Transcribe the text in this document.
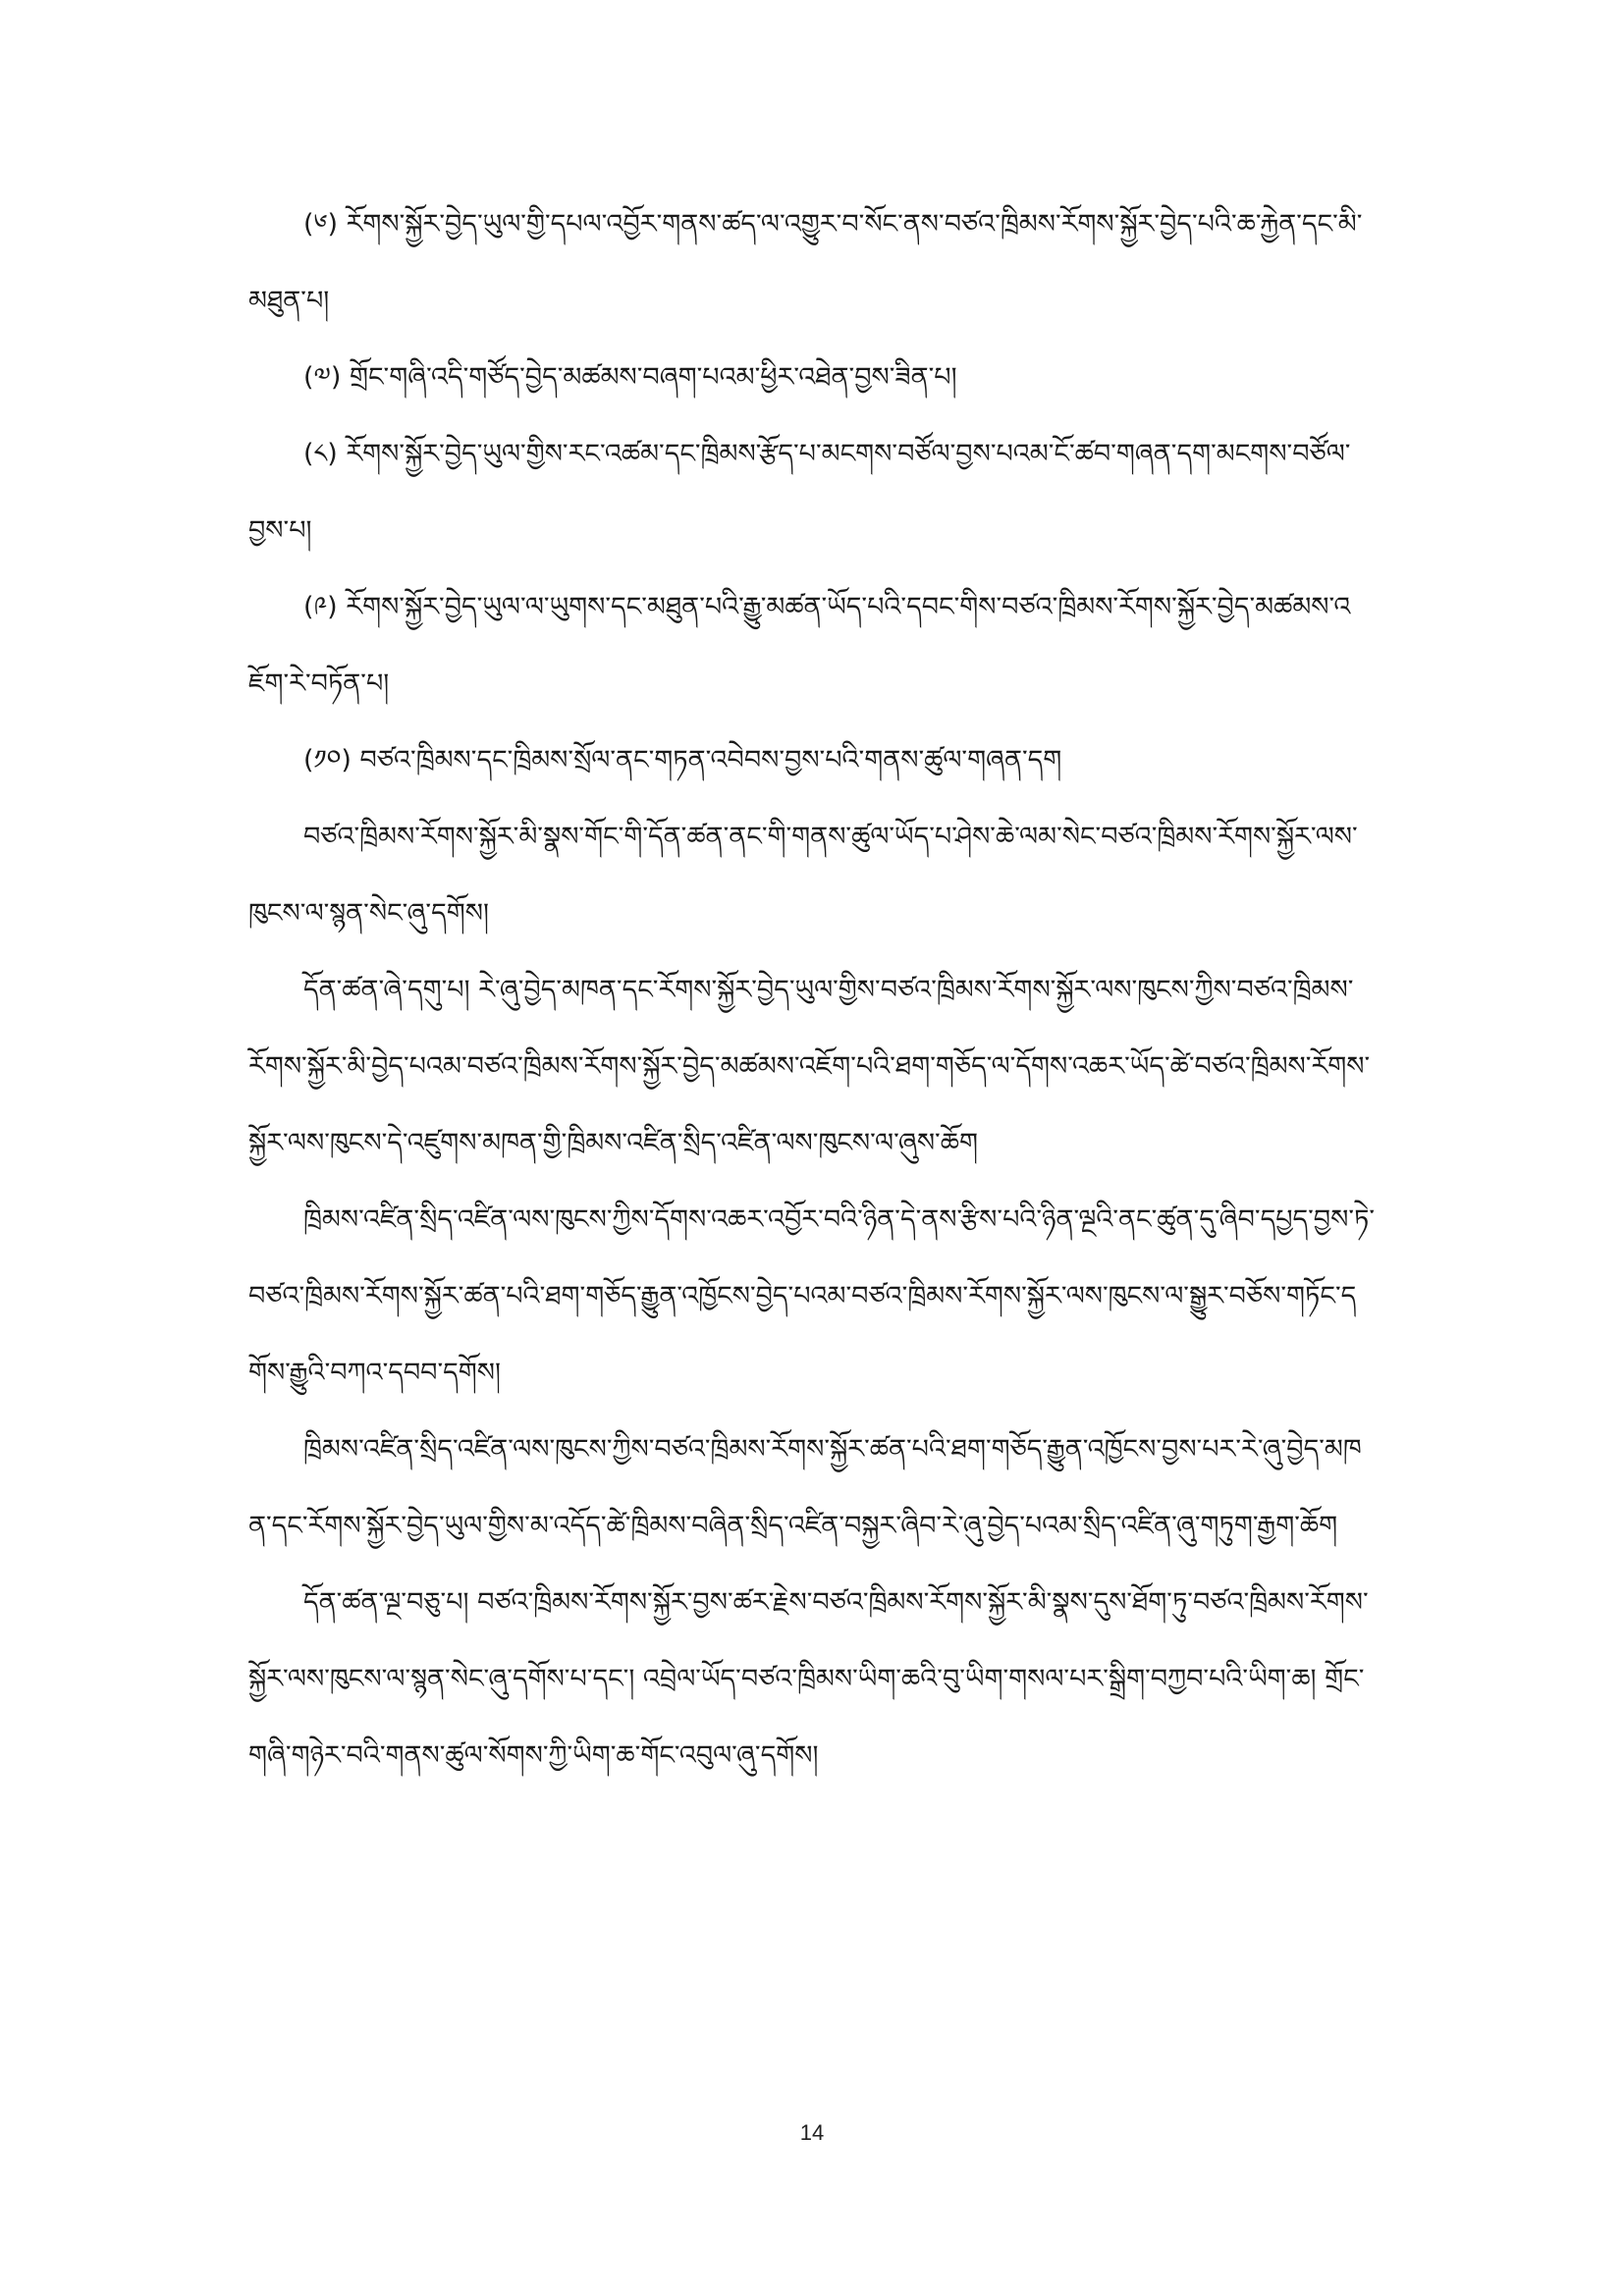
(༦) རོགས་སྐྱོར་བྱེད་ཡུལ་གྱི་དཔལ་འབྱོར་གནས་ཚད་ལ་འགྱུར་བ་སོང་ནས་བཙའ་ཁྲིམས་རོགས་སྐྱོར་བྱེད་པའི་ཆ་རྐྱེན་དང་མི་མཐུན་པ།

(༧) གྲོང་གཞི་འདི་གཙོད་བྱེད་མཚམས་བཞག་པའམ་ཕྱིར་འཐེན་བྱས་ཟིན་པ།

(༨) རོགས་སྐྱོར་བྱེད་ཡུལ་གྱིས་རང་འཚམ་དང་ཁྲིམས་རྩོད་པ་མངགས་བཙོལ་བྱས་པའམ་ངོ་ཚབ་གཞན་དག་མངགས་བཙོལ་བྱས་པ།

(༩) རོགས་སྐྱོར་བྱེད་ཡུལ་ལ་ཡུགས་དང་མཐུན་པའི་རྒྱུ་མཚན་ཡོད་པའི་དབང་གིས་བཙའ་ཁྲིམས་རོགས་སྐྱོར་བྱེད་མཚམས་འཇོག་རེ་བཏོན་པ།

(༡༠) བཙའ་ཁྲིམས་དང་ཁྲིམས་སྲོལ་ནང་གཏན་འབེབས་བྱས་པའི་གནས་ཚུལ་གཞན་དག

བཙའ་ཁྲིམས་རོགས་སྐྱོར་མི་སྣས་གོང་གི་དོན་ཚན་ནང་གི་གནས་ཚུལ་ཡོད་པ་ཤེས་ཆེ་ལམ་སེང་བཙའ་ཁྲིམས་རོགས་སྐྱོར་ལས་ཁུངས་ལ་སྙན་སེང་ཞུ་དགོས།

དོན་ཚན་ཞེ་དགུ་པ། རེ་ཞུ་བྱེད་མཁན་དང་རོགས་སྐྱོར་བྱེད་ཡུལ་གྱིས་བཙའ་ཁྲིམས་རོགས་སྐྱོར་ལས་ཁུངས་ཀྱིས་བཙའ་ཁྲིམས་རོགས་སྐྱོར་མི་བྱེད་པའམ་བཙའ་ཁྲིམས་རོགས་སྐྱོར་བྱེད་མཚམས་འཇོག་པའི་ཐག་གཅོད་ལ་དོགས་འཆར་ཡོད་ཚེ་བཙའ་ཁྲིམས་རོགས་སྐྱོར་ལས་ཁུངས་དེ་འཛུགས་མཁན་གྱི་ཁྲིམས་འཛིན་སྲིད་འཛིན་ལས་ཁུངས་ལ་ཞུས་ཆོག

ཁྲིམས་འཛིན་སྲིད་འཛིན་ལས་ཁུངས་ཀྱིས་དོགས་འཆར་འབྱོར་བའི་ཉིན་དེ་ནས་རྩིས་པའི་ཉིན་ལྔའི་ནང་ཚུན་དུ་ཞིབ་དཔྱད་བྱས་ཏེ་བཙའ་ཁྲིམས་རོགས་སྐྱོར་ཚན་པའི་ཐག་གཅོད་རྒྱུན་འཁྱོངས་བྱེད་པའམ་བཙའ་ཁྲིམས་རོགས་སྐྱོར་ལས་ཁུངས་ལ་སྒྱུར་བཅོས་གཏོང་དགོས་རྒྱུའི་བཀའ་དབབ་དགོས།

ཁྲིམས་འཛིན་སྲིད་འཛིན་ལས་ཁུངས་ཀྱིས་བཙའ་ཁྲིམས་རོགས་སྐྱོར་ཚན་པའི་ཐག་གཅོད་རྒྱུན་འཁྱོངས་བྱས་པར་རེ་ཞུ་བྱེད་མཁན་དང་རོགས་སྐྱོར་བྱེད་ཡུལ་གྱིས་མ་འདོད་ཚེ་ཁྲིམས་བཞིན་སྲིད་འཛིན་བསྐྱར་ཞིབ་རེ་ཞུ་བྱེད་པའམ་སྲིད་འཛིན་ཞུ་གཏུག་རྒྱག་ཆོག

དོན་ཚན་ལྔ་བཅུ་པ། བཙའ་ཁྲིམས་རོགས་སྐྱོར་བྱས་ཚར་རྗེས་བཙའ་ཁྲིམས་རོགས་སྐྱོར་མི་སྣས་དུས་ཐོག་ཏུ་བཙའ་ཁྲིམས་རོགས་སྐྱོར་ལས་ཁུངས་ལ་སྙན་སེང་ཞུ་དགོས་པ་དང་། འབྲེལ་ཡོད་བཙའ་ཁྲིམས་ཡིག་ཆའི་བུ་ཡིག་གསལ་པར་སྒྲིག་བཀྱབ་པའི་ཡིག་ཆ། གྲོང་གཞི་གཉེར་བའི་གནས་ཚུལ་སོགས་ཀྱི་ཡིག་ཆ་གོང་འབུལ་ཞུ་དགོས།

14
